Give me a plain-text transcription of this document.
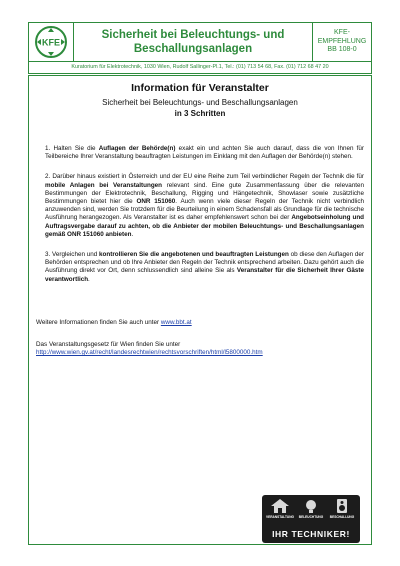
KFE
Sicherheit bei Beleuchtungs- und
Beschallungsanlagen
KFE-
EMPFEHLUNG
BB 108-0
Kuratorium für Elektrotechnik, 1030 Wien, Rudolf Sallinger-Pl.1, Tel.: (01) 713 54 68, Fax. (01) 712 68 47 20
Information für Veranstalter
Sicherheit bei Beleuchtungs- und Beschallungsanlagen
in 3 Schritten

1. Halten Sie die Auflagen der Behörde(n) exakt ein und achten Sie auch darauf, dass die von Ihnen für Teilbereiche Ihrer Veranstaltung beauftragten Leistungen im Einklang mit den Auflagen der Behörde(n) stehen.

2. Darüber hinaus existiert in Österreich und der EU eine Reihe zum Teil verbindlicher Regeln der Technik die für mobile Anlagen bei Veranstaltungen relevant sind. Eine gute Zusammenfassung über die relevanten Bestimmungen der Elektrotechnik, Beschallung, Rigging und Hängetechnik, Showlaser sowie zusätzliche Bestimmungen bietet hier die ONR 151060. Auch wenn viele dieser Regeln der Technik nicht verbindlich anzuwenden sind, werden Sie trotzdem für die Beurteilung in einem Schadensfall als Grundlage für die technische Ausführung herangezogen. Als Veranstalter ist es daher empfehlenswert schon bei der Angebotseinholung und Auftragsvergabe darauf zu achten, ob die Anbieter der mobilen Beleuchtungs- und Beschallungsanlagen gemäß ONR 151060 anbieten.

3. Vergleichen und kontrollieren Sie die angebotenen und beauftragten Leistungen ob diese den Auflagen der Behörden entsprechen und ob Ihre Anbieter den Regeln der Technik entsprechend arbeiten. Dazu gehört auch die Ausführung direkt vor Ort, denn schlussendlich sind alleine Sie als Veranstalter für die Sicherheit Ihrer Gäste verantwortlich.

Weitere Informationen finden Sie auch unter www.bbt.at

Das Veranstaltungsgesetz für Wien finden Sie unter
http://www.wien.gv.at/recht/landesrechtwien/rechtsvorschriften/html/l5800000.htm

VERANSTALTUNG BELEUCHTUNG BESCHALLUNG
IHR TECHNIKER!
